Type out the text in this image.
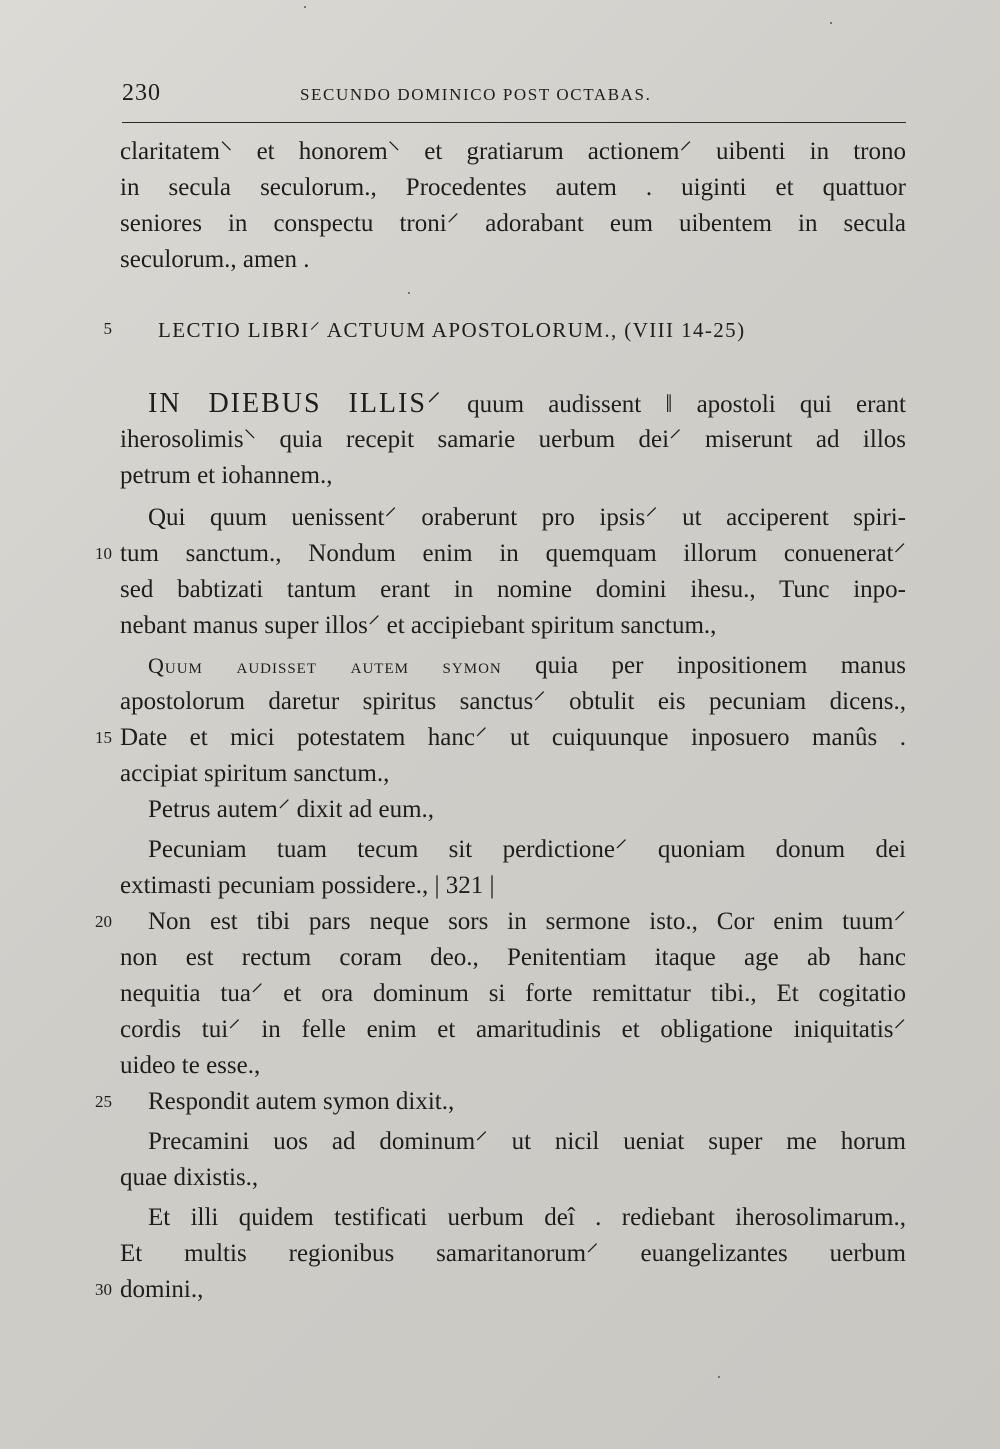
230	SECUNDO DOMINICO POST OCTABAS.
claritatem⸌ et honorem⸌ et gratiarum actionem⸍ uibenti in trono
in secula seculorum., Procedentes autem . uiginti et quattuor
seniores in conspectu troni⸍ adorabant eum uibentem in secula
seculorum., amen .
5 LECTIO LIBRI⸍ ACTUUM APOSTOLORUM., (VIII 14-25)
IN DIEBUS ILLIS⸍ quum audissent ‖ apostoli qui erant
iherosolimis⸌ quia recepit samarie uerbum dei⸍ miserunt ad illos
petrum et iohannem.,
Qui quum uenissent⸍ oraberunt pro ipsis⸍ ut acciperent spiri-
10 tum sanctum., Nondum enim in quemquam illorum conuenerat⸍
sed babtizati tantum erant in nomine domini ihesu., Tunc inpo-
nebant manus super illos⸍ et accipiebant spiritum sanctum.,
Quum audisset autem symon quia per inpositionem manus
apostolorum daretur spiritus sanctus⸍ obtulit eis pecuniam dicens.,
15 Date et mici potestatem hanc⸍ ut cuiquunque inposuero manûs .
accipiat spiritum sanctum.,
Petrus autem⸍ dixit ad eum.,
Pecuniam tuam tecum sit perdictione⸍ quoniam donum dei
extimasti pecuniam possidere., | 321 |
20	Non est tibi pars neque sors in sermone isto., Cor enim tuum⸍
non est rectum coram deo., Penitentiam itaque age ab hanc
nequitia tua⸍ et ora dominum si forte remittatur tibi., Et cogitatio
cordis tui⸍ in felle enim et amaritudinis et obligatione iniquitatis⸍
uideo te esse.,
25	Respondit autem symon dixit.,
Precamini uos ad dominum⸍ ut nicil ueniat super me horum
quae dixistis.,
Et illi quidem testificati uerbum deî . rediebant iherosolimarum.,
Et multis regionibus samaritanorum⸍ euangelizantes uerbum
30 domini.,
